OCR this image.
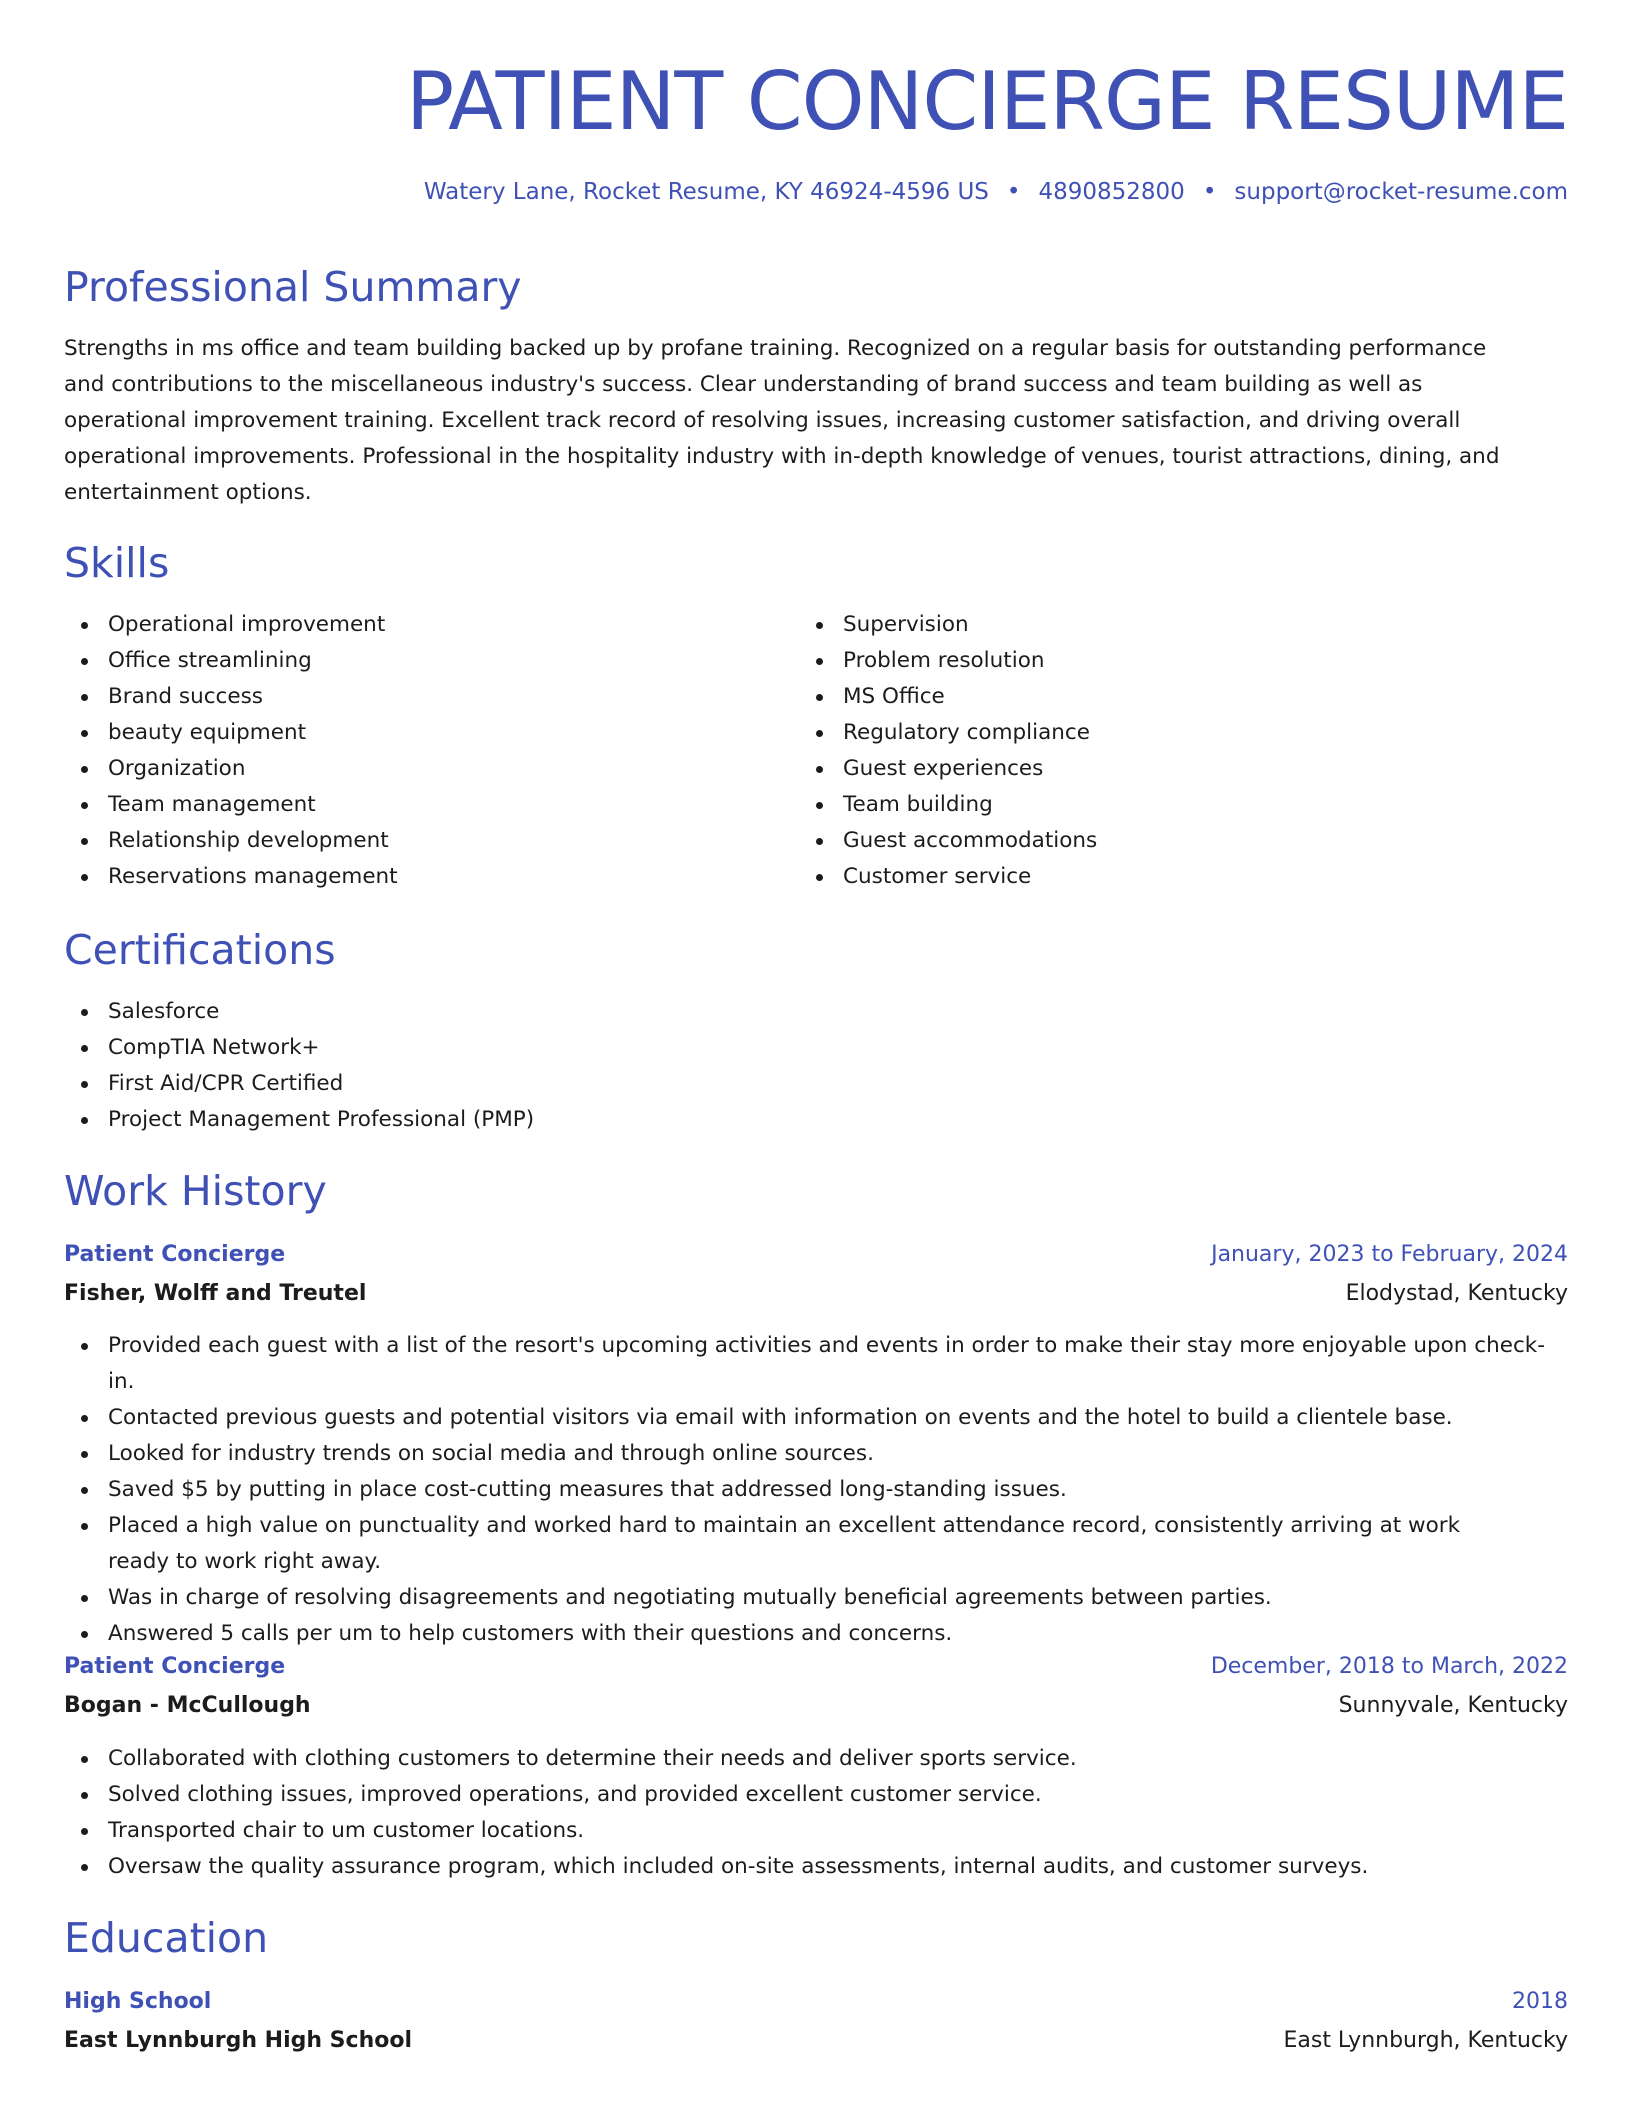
PATIENT CONCIERGE RESUME
Watery Lane, Rocket Resume, KY 46924-4596 US • 4890852800 • support@rocket-resume.com
Professional Summary

Strengths in ms office and team building backed up by profane training. Recognized on a regular basis for outstanding performance and contributions to the miscellaneous industry's success. Clear understanding of brand success and team building as well as operational improvement training. Excellent track record of resolving issues, increasing customer satisfaction, and driving overall operational improvements. Professional in the hospitality industry with in-depth knowledge of venues, tourist attractions, dining, and entertainment options.

Skills
Operational improvement
Office streamlining
Brand success
beauty equipment
Organization
Team management
Relationship development
Reservations management
Supervision
Problem resolution
MS Office
Regulatory compliance
Guest experiences
Team building
Guest accommodations
Customer service
Certifications
Salesforce
CompTIA Network+
First Aid/CPR Certified
Project Management Professional (PMP)
Work History
Patient Concierge	January, 2023 to February, 2024
Fisher, Wolff and Treutel	Elodystad, Kentucky
Provided each guest with a list of the resort's upcoming activities and events in order to make their stay more enjoyable upon check-in.
Contacted previous guests and potential visitors via email with information on events and the hotel to build a clientele base.
Looked for industry trends on social media and through online sources.
Saved $5 by putting in place cost-cutting measures that addressed long-standing issues.
Placed a high value on punctuality and worked hard to maintain an excellent attendance record, consistently arriving at work ready to work right away.
Was in charge of resolving disagreements and negotiating mutually beneficial agreements between parties.
Answered 5 calls per um to help customers with their questions and concerns.
Patient Concierge	December, 2018 to March, 2022
Bogan - McCullough	Sunnyvale, Kentucky
Collaborated with clothing customers to determine their needs and deliver sports service.
Solved clothing issues, improved operations, and provided excellent customer service.
Transported chair to um customer locations.
Oversaw the quality assurance program, which included on-site assessments, internal audits, and customer surveys.
Education
High School	2018
East Lynnburgh High School	East Lynnburgh, Kentucky
